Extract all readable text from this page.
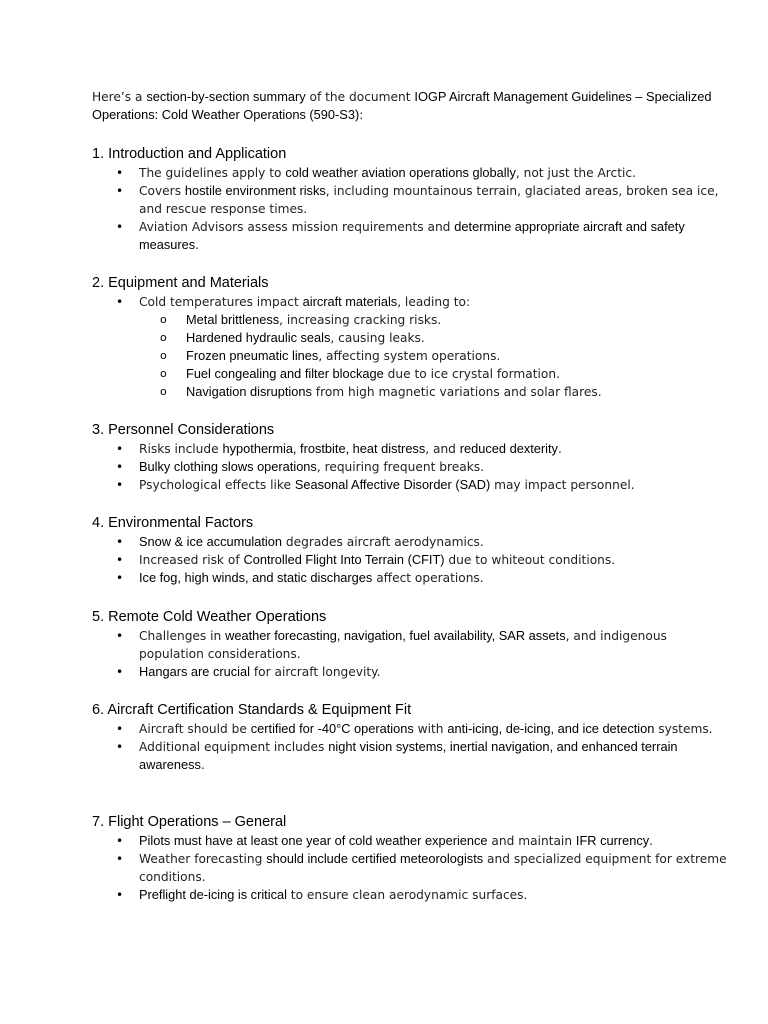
Here’s a section-by-section summary of the document IOGP Aircraft Management Guidelines – Specialized Operations: Cold Weather Operations (590-S3):

1. Introduction and Application
• The guidelines apply to cold weather aviation operations globally, not just the Arctic.
• Covers hostile environment risks, including mountainous terrain, glaciated areas, broken sea ice, and rescue response times.
• Aviation Advisors assess mission requirements and determine appropriate aircraft and safety measures.
2. Equipment and Materials
• Cold temperatures impact aircraft materials, leading to:
o Metal brittleness, increasing cracking risks.
o Hardened hydraulic seals, causing leaks.
o Frozen pneumatic lines, affecting system operations.
o Fuel congealing and filter blockage due to ice crystal formation.
o Navigation disruptions from high magnetic variations and solar flares.
3. Personnel Considerations
• Risks include hypothermia, frostbite, heat distress, and reduced dexterity.
• Bulky clothing slows operations, requiring frequent breaks.
• Psychological effects like Seasonal Affective Disorder (SAD) may impact personnel.
4. Environmental Factors
• Snow & ice accumulation degrades aircraft aerodynamics.
• Increased risk of Controlled Flight Into Terrain (CFIT) due to whiteout conditions.
• Ice fog, high winds, and static discharges affect operations.
5. Remote Cold Weather Operations
• Challenges in weather forecasting, navigation, fuel availability, SAR assets, and indigenous population considerations.
• Hangars are crucial for aircraft longevity.
6. Aircraft Certification Standards & Equipment Fit
• Aircraft should be certified for -40°C operations with anti-icing, de-icing, and ice detection systems.
• Additional equipment includes night vision systems, inertial navigation, and enhanced terrain awareness.
7. Flight Operations – General
• Pilots must have at least one year of cold weather experience and maintain IFR currency.
• Weather forecasting should include certified meteorologists and specialized equipment for extreme conditions.
• Preflight de-icing is critical to ensure clean aerodynamic surfaces.
